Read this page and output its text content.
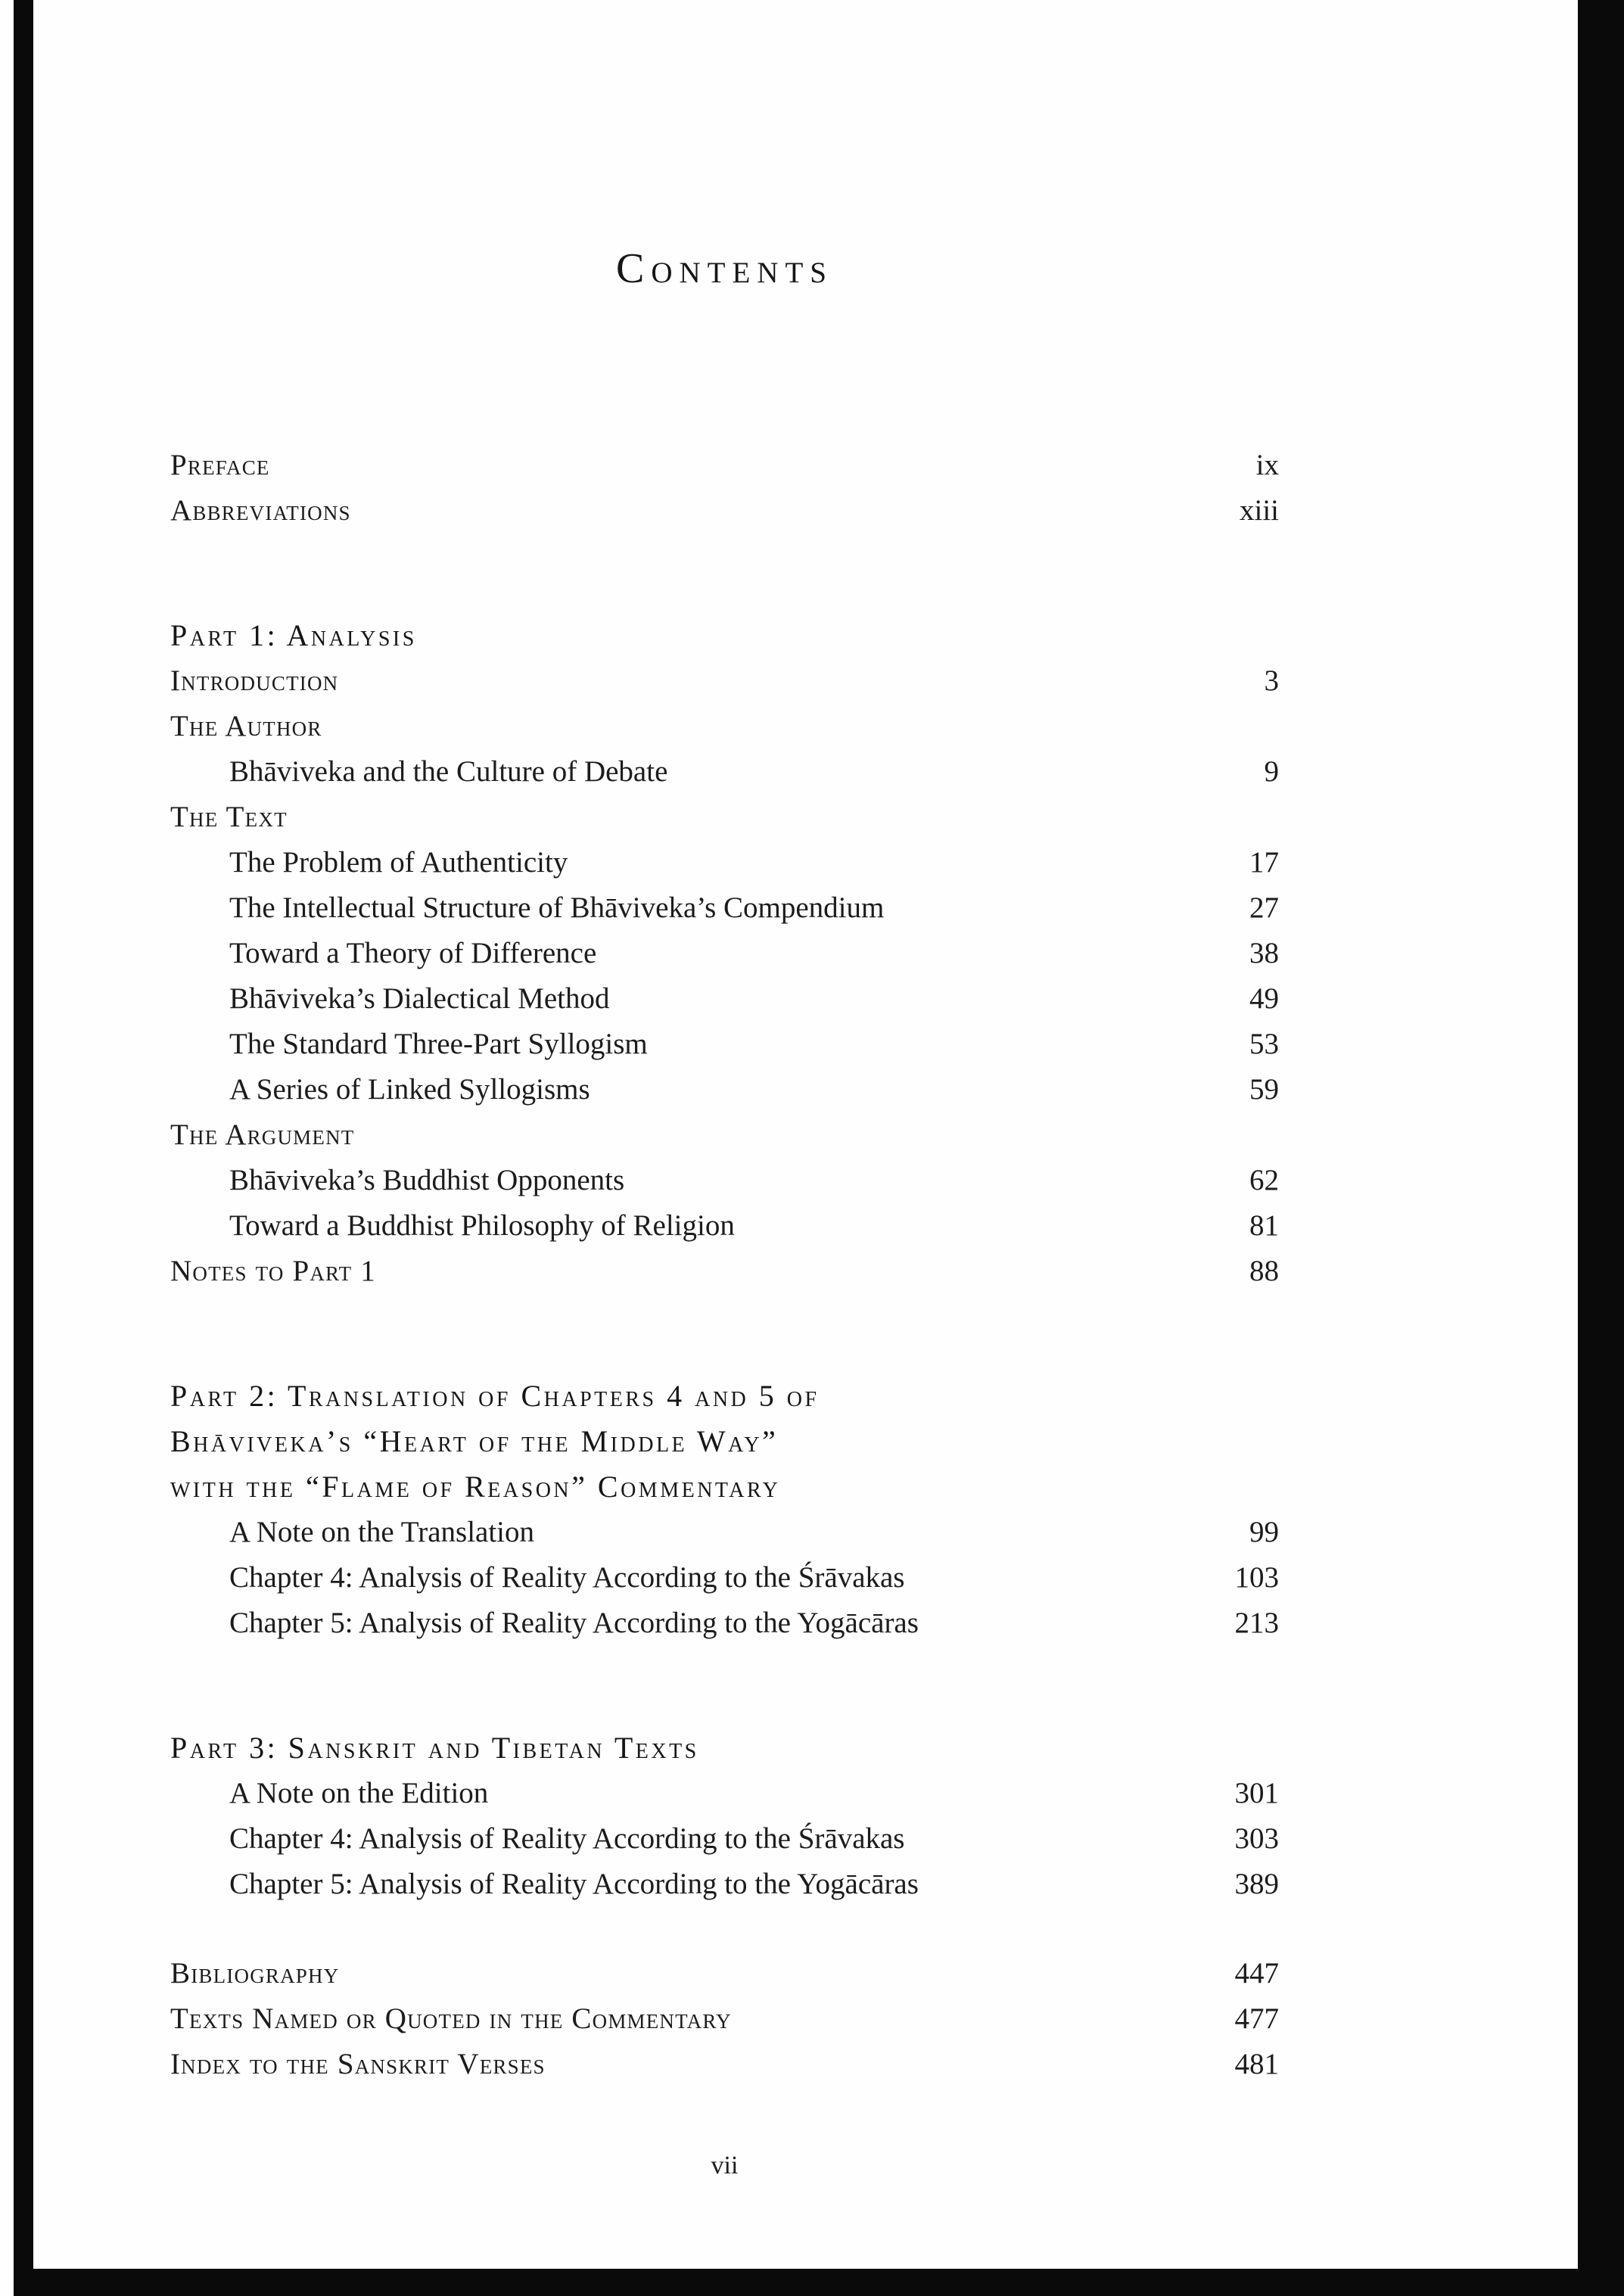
Contents
Preface	ix
Abbreviations	xiii
Part 1: Analysis
Introduction	3
The Author
Bhāviveka and the Culture of Debate	9
The Text
The Problem of Authenticity	17
The Intellectual Structure of Bhāviveka’s Compendium	27
Toward a Theory of Difference	38
Bhāviveka’s Dialectical Method	49
The Standard Three-Part Syllogism	53
A Series of Linked Syllogisms	59
The Argument
Bhāviveka’s Buddhist Opponents	62
Toward a Buddhist Philosophy of Religion	81
Notes to Part 1	88
Part 2: Translation of Chapters 4 and 5 of
Bhāviveka’s “Heart of the Middle Way”
with the “Flame of Reason” Commentary
A Note on the Translation	99
Chapter 4: Analysis of Reality According to the Śrāvakas	103
Chapter 5: Analysis of Reality According to the Yogācāras	213
Part 3: Sanskrit and Tibetan Texts
A Note on the Edition	301
Chapter 4: Analysis of Reality According to the Śrāvakas	303
Chapter 5: Analysis of Reality According to the Yogācāras	389
Bibliography	447
Texts Named or Quoted in the Commentary	477
Index to the Sanskrit Verses	481
vii
